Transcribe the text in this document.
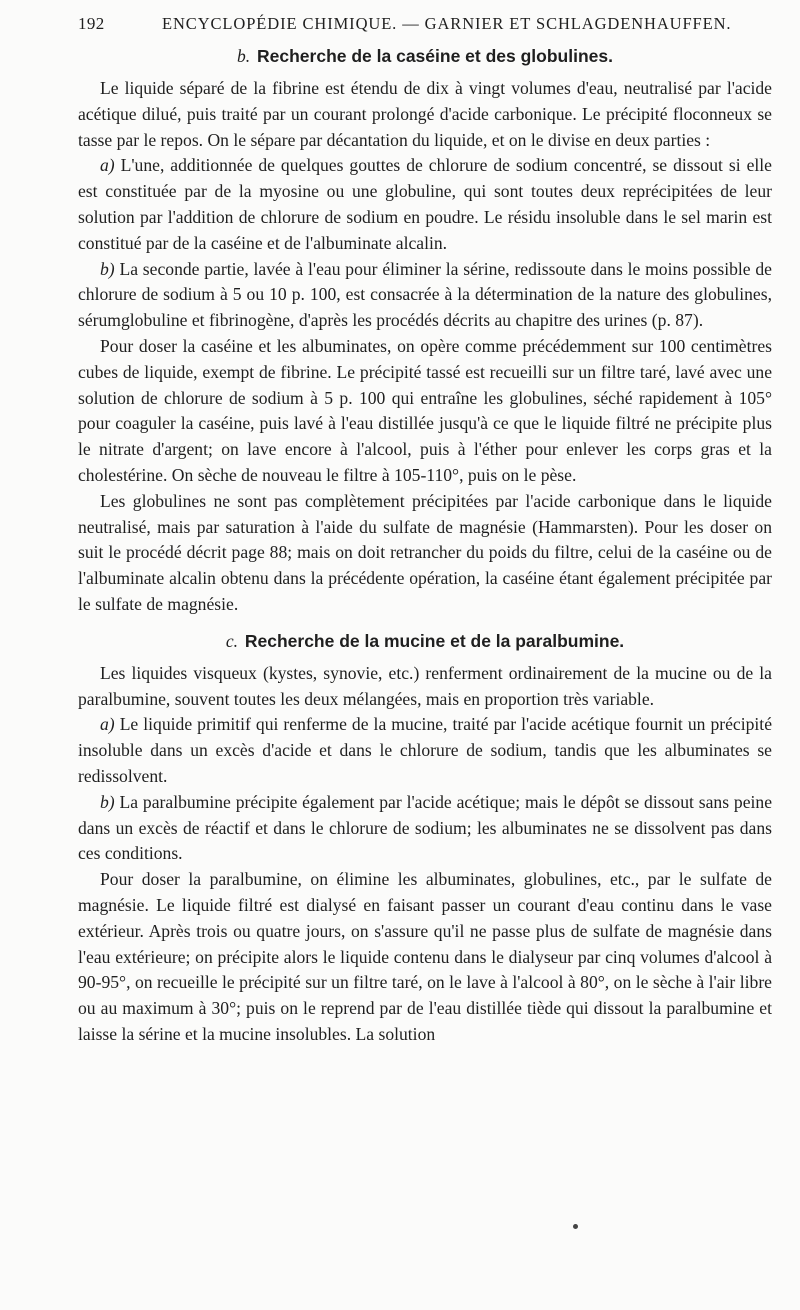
192	ENCYCLOPÉDIE CHIMIQUE. — GARNIER ET SCHLAGDENHAUFFEN.
b. Recherche de la caséine et des globulines.

Le liquide séparé de la fibrine est étendu de dix à vingt volumes d'eau, neutralisé par l'acide acétique dilué, puis traité par un courant prolongé d'acide carbonique. Le précipité floconneux se tasse par le repos. On le sépare par décantation du liquide, et on le divise en deux parties :

a) L'une, additionnée de quelques gouttes de chlorure de sodium concentré, se dissout si elle est constituée par de la myosine ou une globuline, qui sont toutes deux reprécipitées de leur solution par l'addition de chlorure de sodium en poudre. Le résidu insoluble dans le sel marin est constitué par de la caséine et de l'albuminate alcalin.

b) La seconde partie, lavée à l'eau pour éliminer la sérine, redissoute dans le moins possible de chlorure de sodium à 5 ou 10 p. 100, est consacrée à la détermination de la nature des globulines, sérumglobuline et fibrinogène, d'après les procédés décrits au chapitre des urines (p. 87).

Pour doser la caséine et les albuminates, on opère comme précédemment sur 100 centimètres cubes de liquide, exempt de fibrine. Le précipité tassé est recueilli sur un filtre taré, lavé avec une solution de chlorure de sodium à 5 p. 100 qui entraîne les globulines, séché rapidement à 105° pour coaguler la caséine, puis lavé à l'eau distillée jusqu'à ce que le liquide filtré ne précipite plus le nitrate d'argent; on lave encore à l'alcool, puis à l'éther pour enlever les corps gras et la cholestérine. On sèche de nouveau le filtre à 105-110°, puis on le pèse.

Les globulines ne sont pas complètement précipitées par l'acide carbonique dans le liquide neutralisé, mais par saturation à l'aide du sulfate de magnésie (Hammarsten). Pour les doser on suit le procédé décrit page 88; mais on doit retrancher du poids du filtre, celui de la caséine ou de l'albuminate alcalin obtenu dans la précédente opération, la caséine étant également précipitée par le sulfate de magnésie.

c. Recherche de la mucine et de la paralbumine.

Les liquides visqueux (kystes, synovie, etc.) renferment ordinairement de la mucine ou de la paralbumine, souvent toutes les deux mélangées, mais en proportion très variable.

a) Le liquide primitif qui renferme de la mucine, traité par l'acide acétique fournit un précipité insoluble dans un excès d'acide et dans le chlorure de sodium, tandis que les albuminates se redissolvent.

b) La paralbumine précipite également par l'acide acétique; mais le dépôt se dissout sans peine dans un excès de réactif et dans le chlorure de sodium; les albuminates ne se dissolvent pas dans ces conditions.

Pour doser la paralbumine, on élimine les albuminates, globulines, etc., par le sulfate de magnésie. Le liquide filtré est dialysé en faisant passer un courant d'eau continu dans le vase extérieur. Après trois ou quatre jours, on s'assure qu'il ne passe plus de sulfate de magnésie dans l'eau extérieure; on précipite alors le liquide contenu dans le dialyseur par cinq volumes d'alcool à 90-95°, on recueille le précipité sur un filtre taré, on le lave à l'alcool à 80°, on le sèche à l'air libre ou au maximum à 30°; puis on le reprend par de l'eau distillée tiède qui dissout la paralbumine et laisse la sérine et la mucine insolubles. La solution
